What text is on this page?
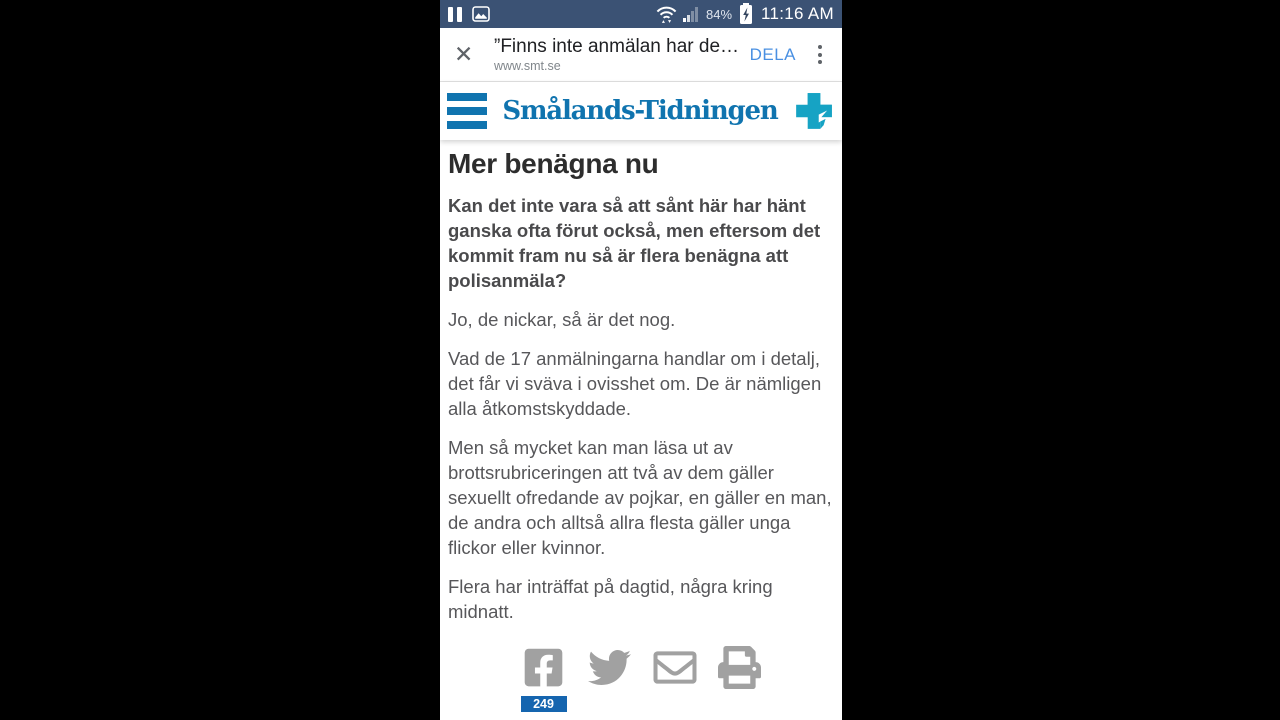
84% 11:16 AM
✕	”Finns inte anmälan har de…
www.smt.se
DELA
Smålands-Tidningen
Mer benägna nu

Kan det inte vara så att sånt här har hänt ganska ofta förut också, men eftersom det kommit fram nu så är flera benägna att polisanmäla?

Jo, de nickar, så är det nog.

Vad de 17 anmälningarna handlar om i detalj, det får vi sväva i ovisshet om. De är nämligen alla åtkomstskyddade.

Men så mycket kan man läsa ut av brottsrubriceringen att två av dem gäller sexuellt ofredande av pojkar, en gäller en man, de andra och alltså allra flesta gäller unga flickor eller kvinnor.

Flera har inträffat på dagtid, några kring midnatt.

249
